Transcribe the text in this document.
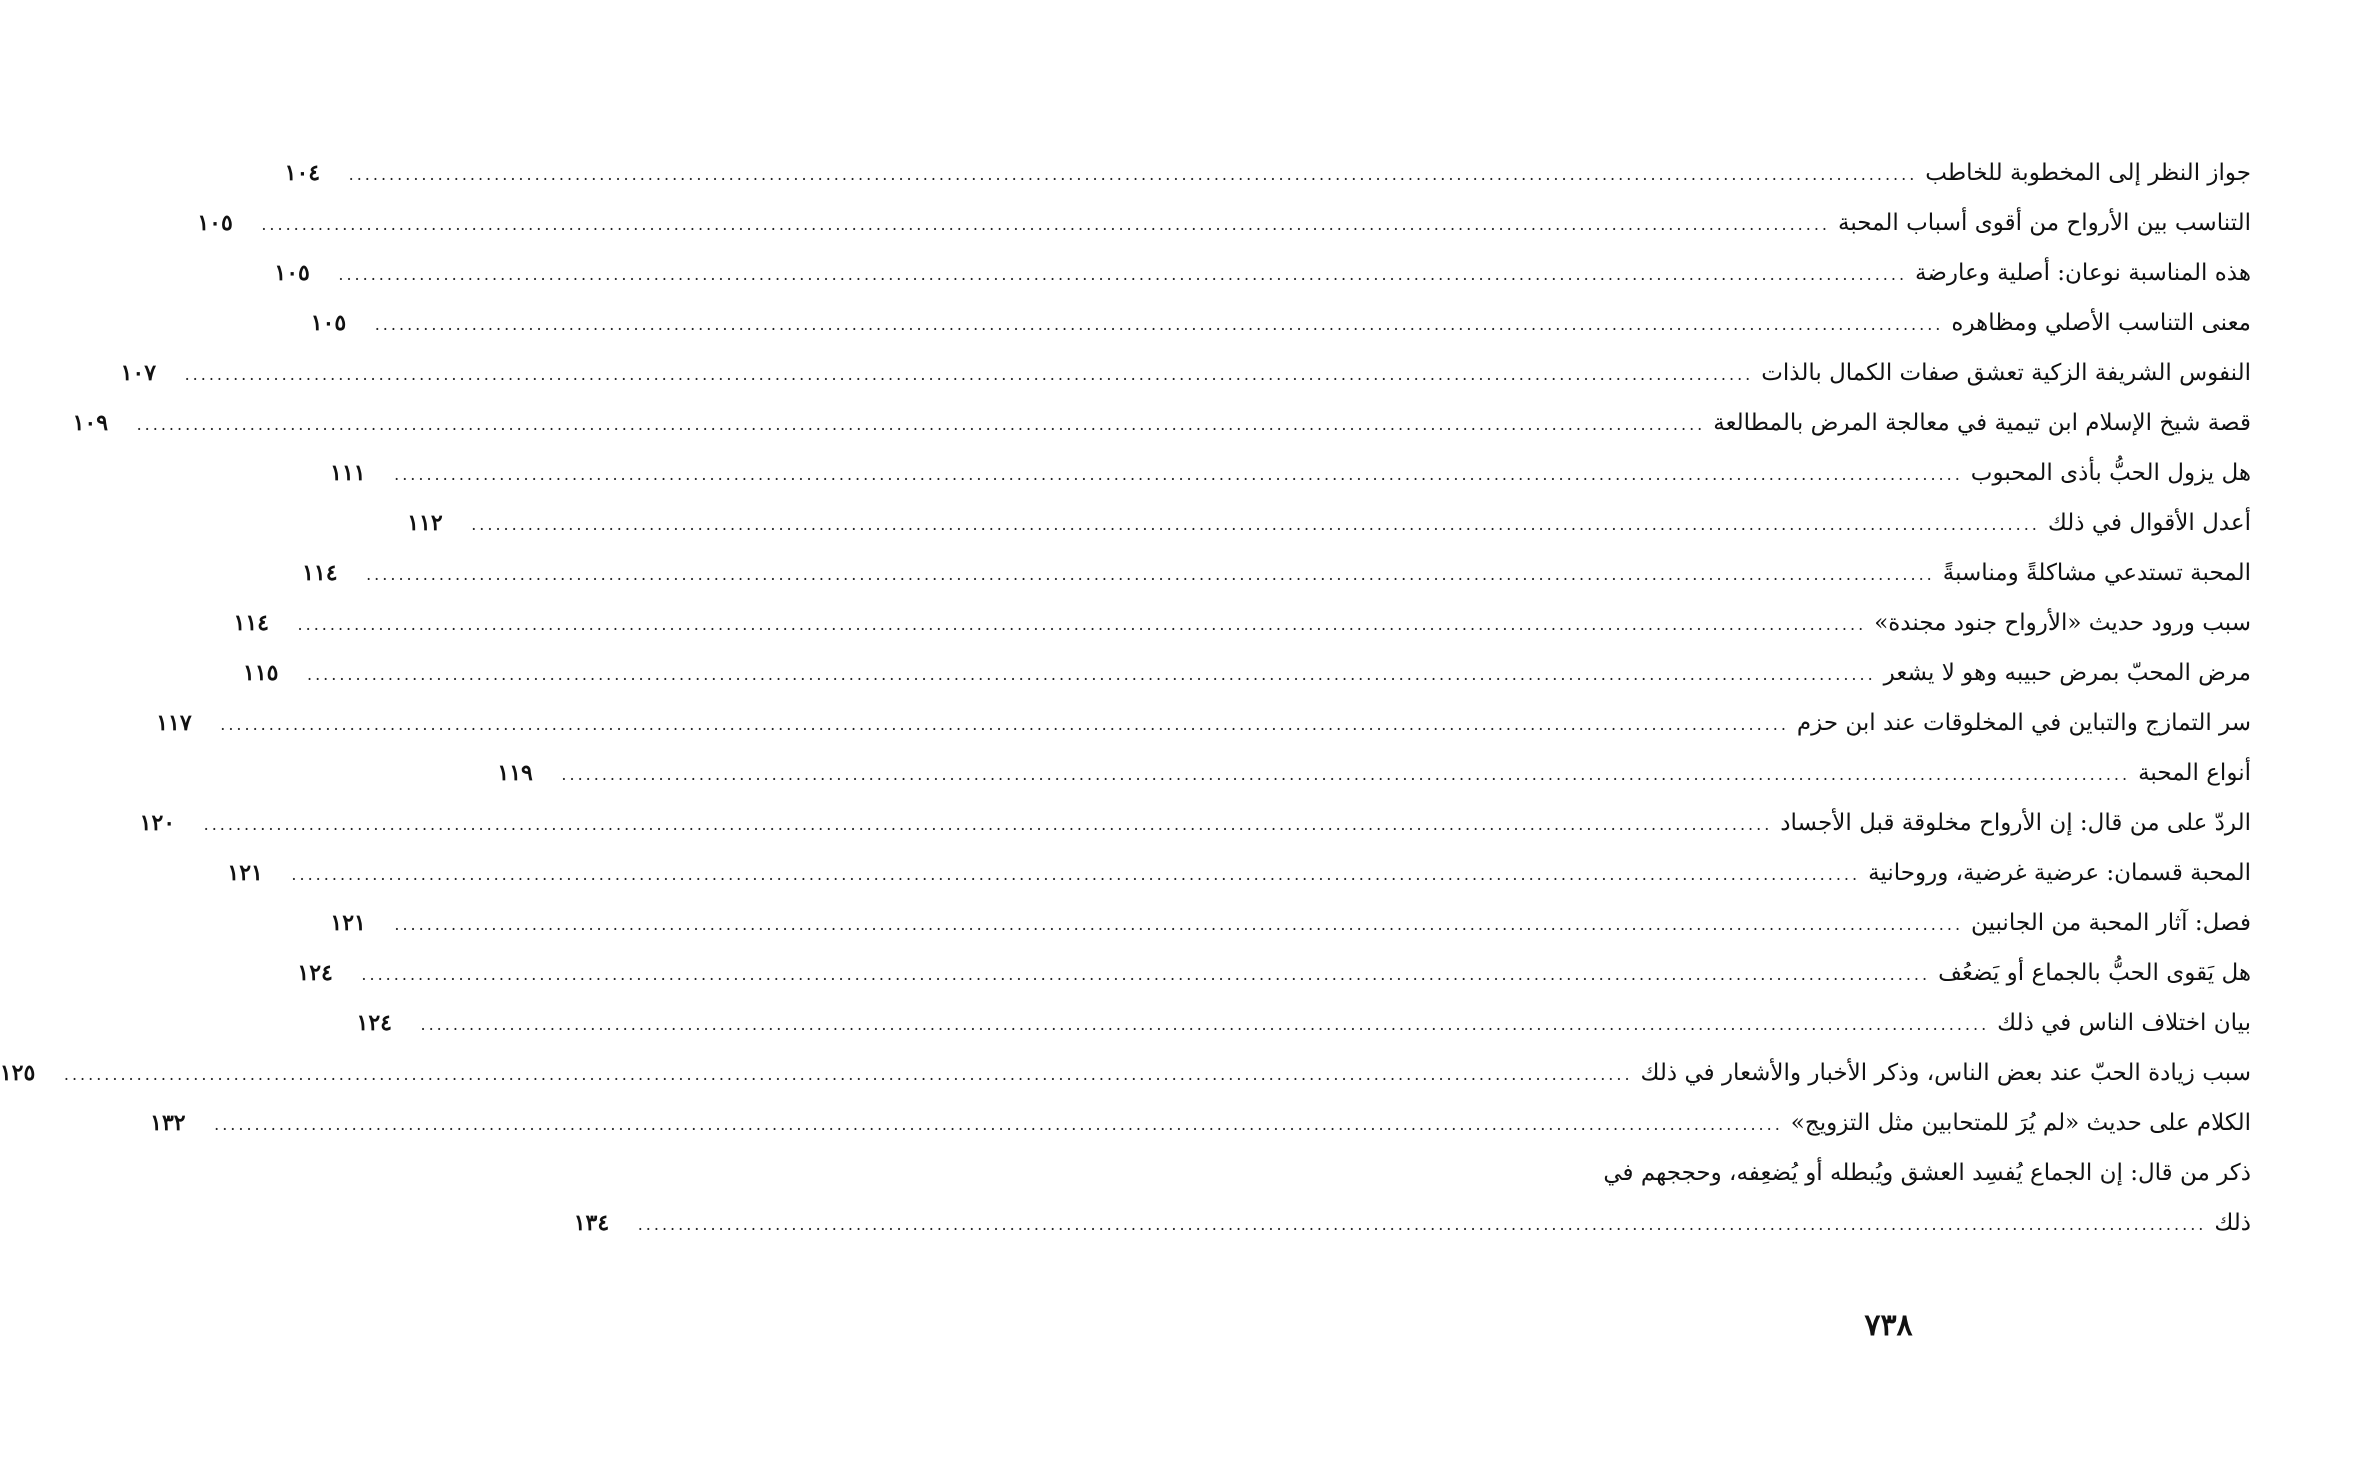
جواز النظر إلى المخطوبة للخاطب
.....
١٠٤
التناسب بين الأرواح من أقوى أسباب المحبة
.....
١٠٥
هذه المناسبة نوعان: أصلية وعارضة
.....
١٠٥
معنى التناسب الأصلي ومظاهره
.....
١٠٥
النفوس الشريفة الزكية تعشق صفات الكمال بالذات
.....
١٠٧
قصة شيخ الإسلام ابن تيمية في معالجة المرض بالمطالعة
.....
١٠٩
هل يزول الحبُّ بأذى المحبوب
.....
١١١
أعدل الأقوال في ذلك
.....
١١٢
المحبة تستدعي مشاكلةً ومناسبةً
.....
١١٤
سبب ورود حديث «الأرواح جنود مجندة»
.....
١١٤
مرض المحبّ بمرض حبيبه وهو لا يشعر
.....
١١٥
سر التمازج والتباين في المخلوقات عند ابن حزم
.....
١١٧
أنواع المحبة
.....
١١٩
الردّ على من قال: إن الأرواح مخلوقة قبل الأجساد
.....
١٢٠
المحبة قسمان: عرضية غرضية، وروحانية
.....
١٢١
فصل: آثار المحبة من الجانبين
.....
١٢١
هل يَقوى الحبُّ بالجماع أو يَضعُف
.....
١٢٤
بيان اختلاف الناس في ذلك
.....
١٢٤
سبب زيادة الحبّ عند بعض الناس، وذكر الأخبار والأشعار في ذلك
.....
١٢٥
الكلام على حديث «لم يُرَ للمتحابين مثل التزويج»
.....
١٣٢
ذكر من قال: إن الجماع يُفسِد العشق ويُبطله أو يُضعِفه، وحججهم في
ذلك
.....
١٣٤
٧٣٨
